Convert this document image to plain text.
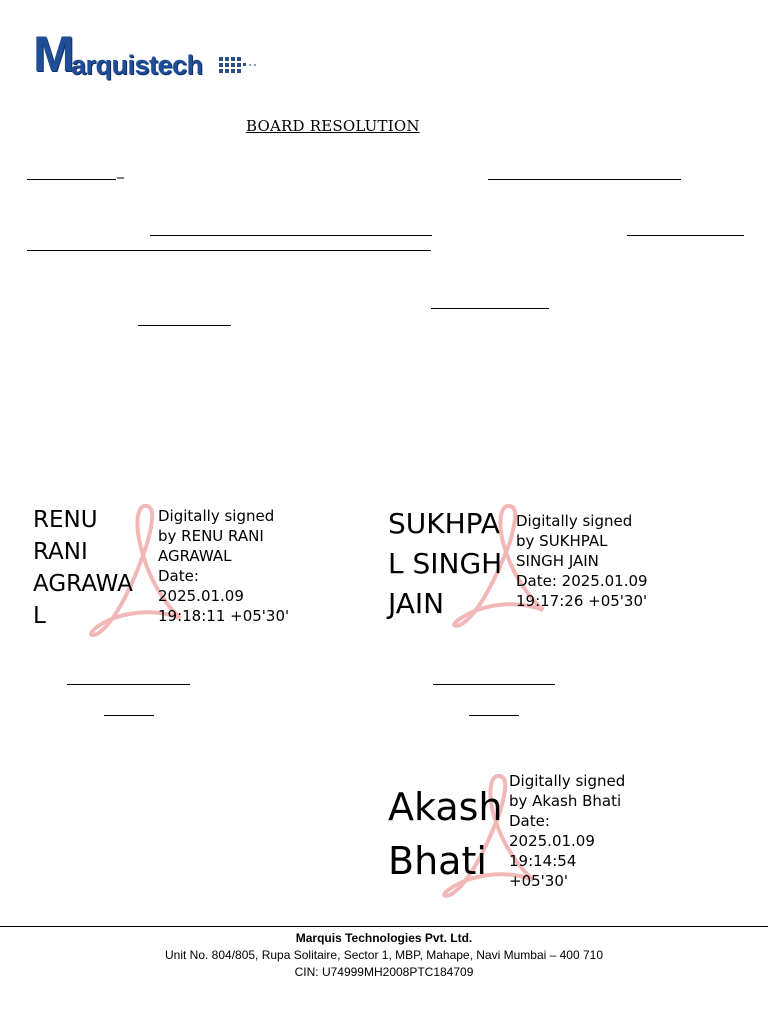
M arquistech
BOARD RESOLUTION
_
RENU
RANI
AGRAWA
L
Digitally signed
by RENU RANI
AGRAWAL
Date:
2025.01.09
19:18:11 +05'30'
SUKHPA
L SINGH
JAIN
Digitally signed
by SUKHPAL
SINGH JAIN
Date: 2025.01.09
19:17:26 +05'30'
Akash
Bhati
Digitally signed
by Akash Bhati
Date:
2025.01.09
19:14:54
+05'30'
Marquis Technologies Pvt. Ltd.
Unit No. 804/805, Rupa Solitaire, Sector 1, MBP, Mahape, Navi Mumbai – 400 710
CIN: U74999MH2008PTC184709
